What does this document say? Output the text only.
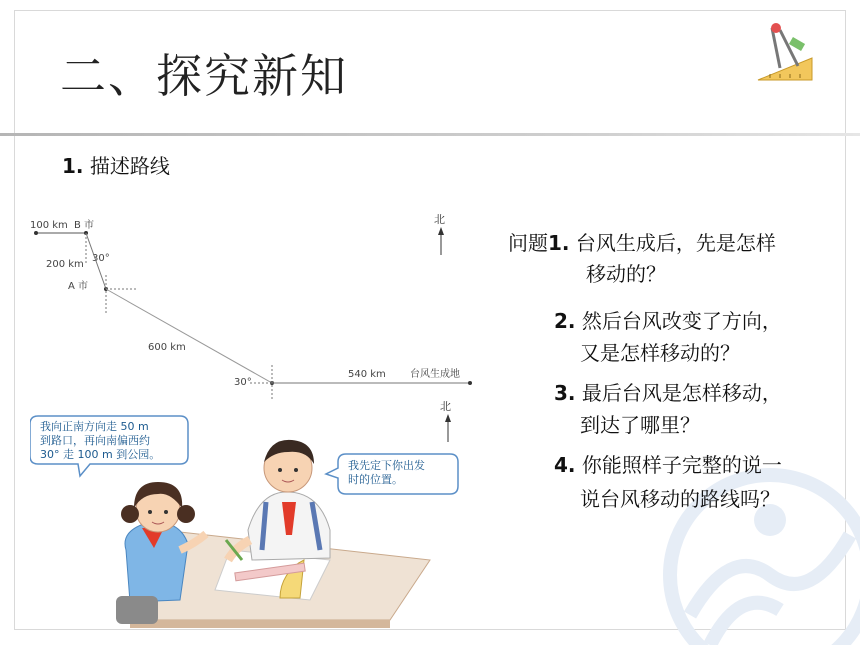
二、探究新知
1. 描述路线
北
100 km B 市
30°
200 km
A 市
600 km
30°
540 km 台风生成地
问题1. 台风生成后，先是怎样
移动的？
2. 然后台风改变了方向，
又是怎样移动的？
3. 最后台风是怎样移动，
到达了哪里？
4. 你能照样子完整的说一
说台风移动的路线吗？
我向正南方向走 50 m
到路口，再向南偏西约
30° 走 100 m 到公园。
我先定下你出发
时的位置。
北
